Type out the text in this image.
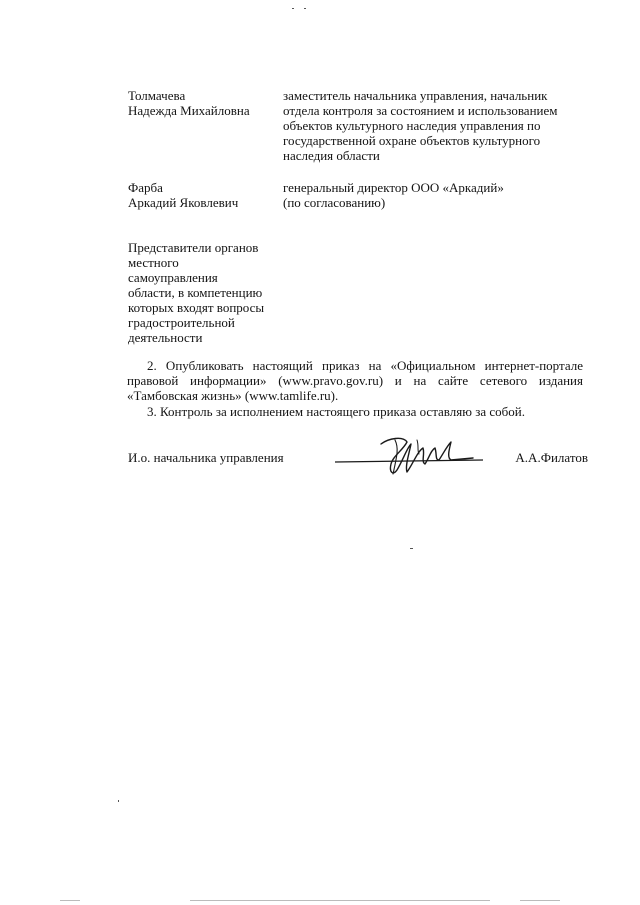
Толмачева
Надежда Михайловна
заместитель начальника управления, начальник
отдела контроля за состоянием и использованием
объектов культурного наследия управления по
государственной охране объектов культурного
наследия области
Фарба
Аркадий Яковлевич
генеральный директор ООО «Аркадий»
(по согласованию)
Представители органов
местного
самоуправления
области, в компетенцию
которых входят вопросы
градостроительной
деятельности
2. Опубликовать настоящий приказ на «Официальном интернет-портале
правовой информации» (www.pravo.gov.ru) и на сайте сетевого издания
«Тамбовская жизнь» (www.tamlife.ru).
3. Контроль за исполнением настоящего приказа оставляю за собой.
И.о. начальника управления	А.А.Филатов
